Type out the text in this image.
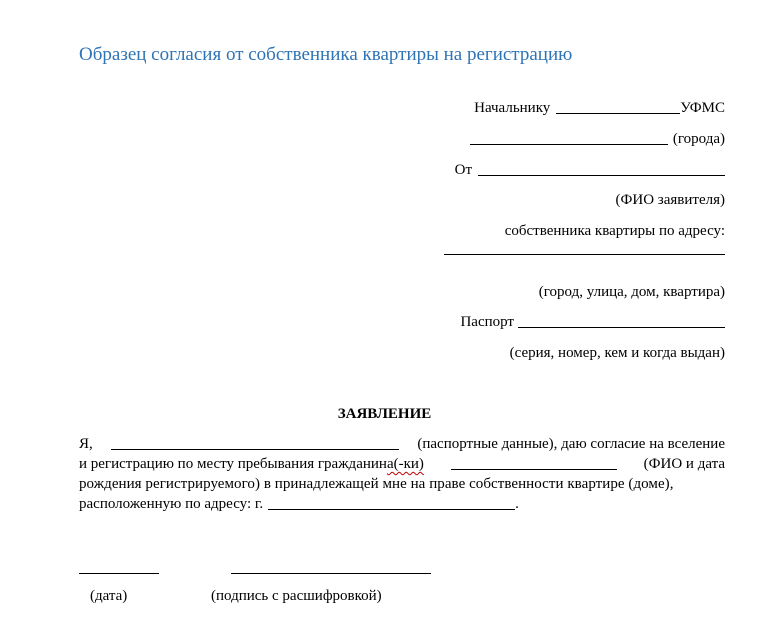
Образец согласия от собственника квартиры на регистрацию
Начальнику	УФМС
(города)
От
(ФИО заявителя)
собственника квартиры по адресу:
(город, улица, дом, квартира)
Паспорт
(серия, номер, кем и когда выдан)
ЗАЯВЛЕНИЕ
Я,	(паспортные данные), даю согласие на вселение
и регистрацию по месту пребывания гражданина(-ки)	(ФИО и дата
рождения регистрируемого) в принадлежащей мне на праве собственности квартире (доме),
расположенную по адресу: г.	.
(дата)	(подпись с расшифровкой)
